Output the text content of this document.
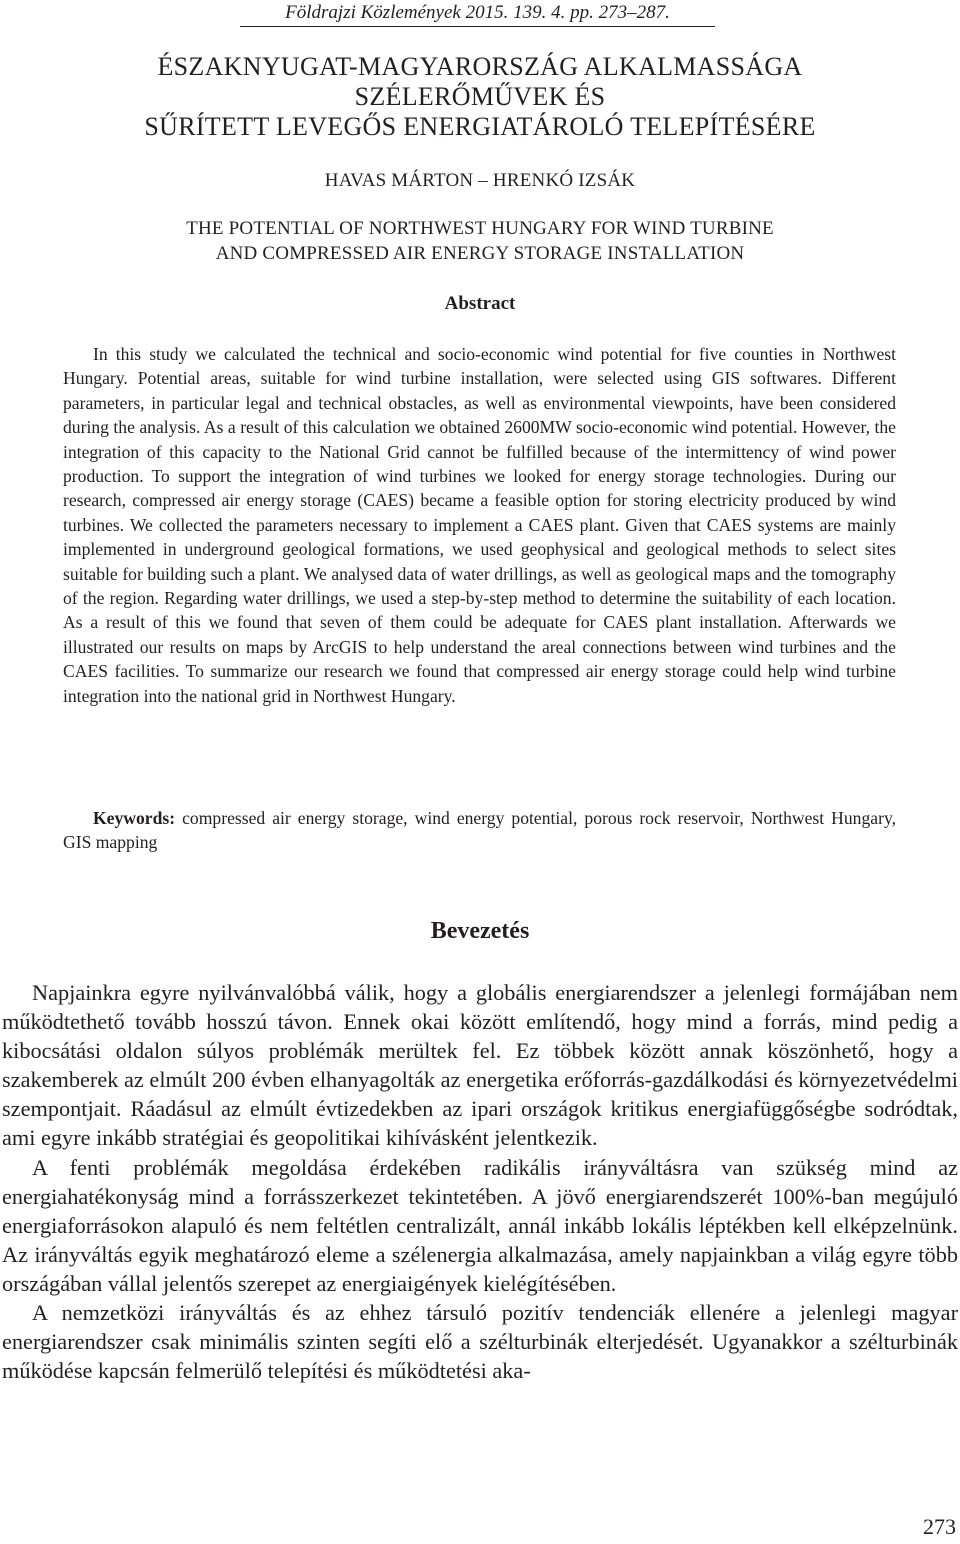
Földrajzi Közlemények 2015. 139. 4. pp. 273–287.
ÉSZAKNYUGAT-MAGYARORSZÁG ALKALMASSÁGA
SZÉLERŐMŰVEK ÉS
SŰRÍTETT LEVEGŐS ENERGIATÁROLÓ TELEPÍTÉSÉRE
HAVAS MÁRTON – HRENKÓ IZSÁK
THE POTENTIAL OF NORTHWEST HUNGARY FOR WIND TURBINE
AND COMPRESSED AIR ENERGY STORAGE INSTALLATION
Abstract

In this study we calculated the technical and socio-economic wind potential for five counties in Northwest Hungary. Potential areas, suitable for wind turbine installation, were selected using GIS softwares. Different parameters, in particular legal and technical obstacles, as well as environmental viewpoints, have been considered during the analysis. As a result of this calculation we obtained 2600MW socio-economic wind potential. However, the integration of this capacity to the National Grid cannot be fulfilled because of the intermittency of wind power production. To support the integration of wind turbines we looked for energy storage technologies. During our research, compressed air energy storage (CAES) became a feasible option for storing electricity produced by wind turbines. We collected the parameters necessary to implement a CAES plant. Given that CAES systems are mainly implemented in underground geological formations, we used geophysical and geological methods to select sites suitable for building such a plant. We analysed data of water drillings, as well as geological maps and the tomography of the region. Regarding water drillings, we used a step-by-step method to determine the suitability of each location. As a result of this we found that seven of them could be adequate for CAES plant installation. Afterwards we illustrated our results on maps by ArcGIS to help understand the areal connections between wind turbines and the CAES facilities. To summarize our research we found that compressed air energy storage could help wind turbine integration into the national grid in Northwest Hungary.

Keywords: compressed air energy storage, wind energy potential, porous rock reservoir, Northwest Hungary, GIS mapping

Bevezetés

Napjainkra egyre nyilvánvalóbbá válik, hogy a globális energiarendszer a jelenlegi formájában nem működtethető tovább hosszú távon. Ennek okai között említendő, hogy mind a forrás, mind pedig a kibocsátási oldalon súlyos problémák merültek fel. Ez többek között annak köszönhető, hogy a szakemberek az elmúlt 200 évben elhanyagolták az energetika erőforrás-gazdálkodási és környezetvédelmi szempontjait. Ráadásul az elmúlt évtizedekben az ipari országok kritikus energiafüggőségbe sodródtak, ami egyre inkább stratégiai és geopolitikai kihívásként jelentkezik.

A fenti problémák megoldása érdekében radikális irányváltásra van szükség mind az energiahatékonyság mind a forrásszerkezet tekintetében. A jövő energiarendszerét 100%-ban megújuló energiaforrásokon alapuló és nem feltétlen centralizált, annál inkább lokális léptékben kell elképzelnünk. Az irányváltás egyik meghatározó eleme a szélenergia alkalmazása, amely napjainkban a világ egyre több országában vállal jelentős szerepet az energiaigények kielégítésében.

A nemzetközi irányváltás és az ehhez társuló pozitív tendenciák ellenére a jelenlegi magyar energiarendszer csak minimális szinten segíti elő a szélturbinák elterjedését. Ugyanakkor a szélturbinák működése kapcsán felmerülő telepítési és működtetési aka-

273
